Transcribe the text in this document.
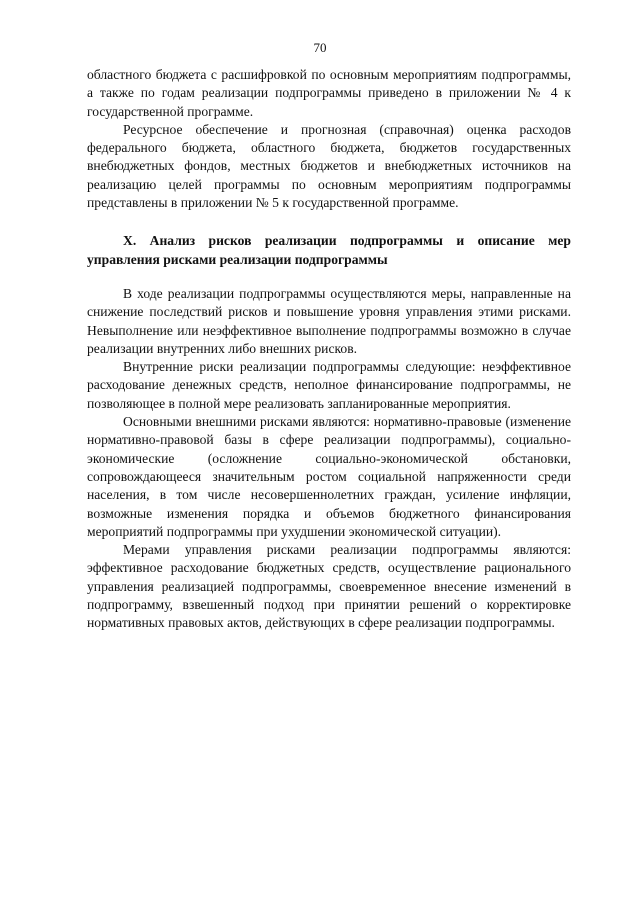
70

областного бюджета с расшифровкой по основным мероприятиям подпрограммы, а также по годам реализации подпрограммы приведено в приложении № 4 к государственной программе.

Ресурсное обеспечение и прогнозная (справочная) оценка расходов федерального бюджета, областного бюджета, бюджетов государственных внебюджетных фондов, местных бюджетов и внебюджетных источников на реализацию целей программы по основным мероприятиям подпрограммы представлены в приложении № 5 к государственной программе.

X. Анализ рисков реализации подпрограммы и описание мер управления рисками реализации подпрограммы

В ходе реализации подпрограммы осуществляются меры, направленные на снижение последствий рисков и повышение уровня управления этими рисками. Невыполнение или неэффективное выполнение подпрограммы возможно в случае реализации внутренних либо внешних рисков.

Внутренние риски реализации подпрограммы следующие: неэффективное расходование денежных средств, неполное финансирование подпрограммы, не позволяющее в полной мере реализовать запланированные мероприятия.

Основными внешними рисками являются: нормативно-правовые (изменение нормативно-правовой базы в сфере реализации подпрограммы), социально-экономические (осложнение социально-экономической обстановки, сопровождающееся значительным ростом социальной напряженности среди населения, в том числе несовершеннолетних граждан, усиление инфляции, возможные изменения порядка и объемов бюджетного финансирования мероприятий подпрограммы при ухудшении экономической ситуации).

Мерами управления рисками реализации подпрограммы являются: эффективное расходование бюджетных средств, осуществление рационального управления реализацией подпрограммы, своевременное внесение изменений в подпрограмму, взвешенный подход при принятии решений о корректировке нормативных правовых актов, действующих в сфере реализации подпрограммы.
